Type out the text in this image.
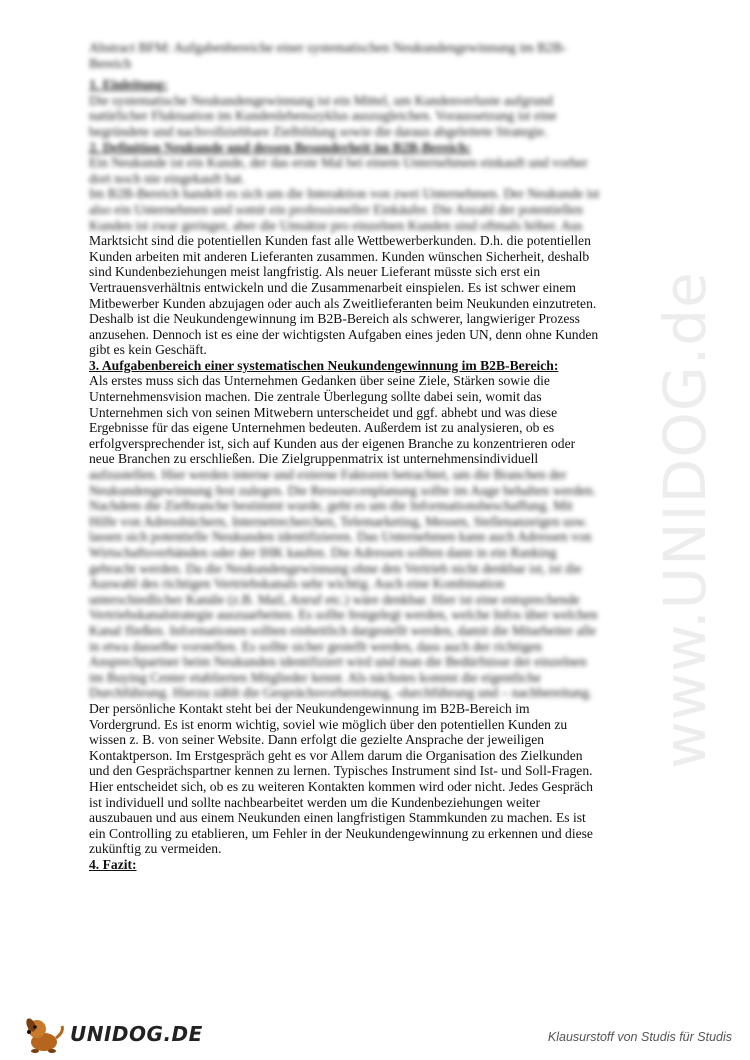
www.UNIDOG.de

Abstract BFM: Aufgabenbereiche einer systematischen Neukundengewinnung im B2B-

Bereich

1. Einleitung:

Die systematische Neukundengewinnung ist ein Mittel, um Kundenverluste aufgrund

natürlicher Fluktuation im Kundenlebenszyklus auszugleichen. Voraussetzung ist eine

begründete und nachvollziehbare Zielbildung sowie die daraus abgeleitete Strategie.

2. Definition Neukunde und dessen Besonderheit im B2B-Bereich:

Ein Neukunde ist ein Kunde, der das erste Mal bei einem Unternehmen einkauft und vorher

dort noch nie eingekauft hat.

Im B2B-Bereich handelt es sich um die Interaktion von zwei Unternehmen. Der Neukunde ist

also ein Unternehmen und somit ein professioneller Einkäufer. Die Anzahl der potentiellen

Kunden ist zwar geringer, aber die Umsätze pro einzelnen Kunden sind oftmals höher. Aus

Marktsicht sind die potentiellen Kunden fast alle Wettbewerberkunden. D.h. die potentiellen

Kunden arbeiten mit anderen Lieferanten zusammen. Kunden wünschen Sicherheit, deshalb

sind Kundenbeziehungen meist langfristig. Als neuer Lieferant müsste sich erst ein

Vertrauensverhältnis entwickeln und die Zusammenarbeit einspielen. Es ist schwer einem

Mitbewerber Kunden abzujagen oder auch als Zweitlieferanten beim Neukunden einzutreten.

Deshalb ist die Neukundengewinnung im B2B-Bereich als schwerer, langwieriger Prozess

anzusehen. Dennoch ist es eine der wichtigsten Aufgaben eines jeden UN, denn ohne Kunden

gibt es kein Geschäft.

3. Aufgabenbereich einer systematischen Neukundengewinnung im B2B-Bereich:

Als erstes muss sich das Unternehmen Gedanken über seine Ziele, Stärken sowie die

Unternehmensvision machen. Die zentrale Überlegung sollte dabei sein, womit das

Unternehmen sich von seinen Mitwebern unterscheidet und ggf. abhebt und was diese

Ergebnisse für das eigene Unternehmen bedeuten. Außerdem ist zu analysieren, ob es

erfolgversprechender ist, sich auf Kunden aus der eigenen Branche zu konzentrieren oder

neue Branchen zu erschließen. Die Zielgruppenmatrix ist unternehmensindividuell

aufzustellen. Hier werden interne und externe Faktoren betrachtet, um die Branchen der

Neukundengewinnung fest zulegen. Die Ressourcenplanung sollte im Auge behalten werden.

Nachdem die Zielbranche bestimmt wurde, geht es um die Informationsbeschaffung. Mit

Hilfe von Adressbüchern, Internetrecherchen, Telemarketing, Messen, Stellenanzeigen usw.

lassen sich potentielle Neukunden identifizieren. Das Unternehmen kann auch Adressen von

Wirtschaftsverbänden oder der IHK kaufen. Die Adressen sollten dann in ein Ranking

gebracht werden. Da die Neukundengewinnung ohne den Vertrieb nicht denkbar ist, ist die

Auswahl des richtigen Vertriebskanals sehr wichtig. Auch eine Kombination

unterschiedlicher Kanäle (z.B. Mail, Anruf etc.) wäre denkbar. Hier ist eine entsprechende

Vertriebskanalstrategie auszuarbeiten. Es sollte festgelegt werden, welche Infos über welchen

Kanal fließen. Informationen sollten einheitlich dargestellt werden, damit die Mitarbeiter alle

in etwa dasselbe vorstellen. Es sollte sicher gestellt werden, dass auch der richtigen

Ansprechpartner beim Neukunden identifiziert wird und man die Bedürfnisse der einzelnen

im Buying Center etablierten Mitglieder kennt. Als nächstes kommt die eigentliche

Durchführung. Hierzu zählt die Gesprächsvorbereitung, -durchführung und – nachbereitung.

Der persönliche Kontakt steht bei der Neukundengewinnung im B2B-Bereich im

Vordergrund. Es ist enorm wichtig, soviel wie möglich über den potentiellen Kunden zu

wissen z. B. von seiner Website. Dann erfolgt die gezielte Ansprache der jeweiligen

Kontaktperson. Im Erstgespräch geht es vor Allem darum die Organisation des Zielkunden

und den Gesprächspartner kennen zu lernen. Typisches Instrument sind Ist- und Soll-Fragen.

Hier entscheidet sich, ob es zu weiteren Kontakten kommen wird oder nicht. Jedes Gespräch

ist individuell und sollte nachbearbeitet werden um die Kundenbeziehungen weiter

auszubauen und aus einem Neukunden einen langfristigen Stammkunden zu machen. Es ist

ein Controlling zu etablieren, um Fehler in der Neukundengewinnung zu erkennen und diese

zukünftig zu vermeiden.

4. Fazit:

UNIDOG.DE	Klausurstoff von Studis für Studis
